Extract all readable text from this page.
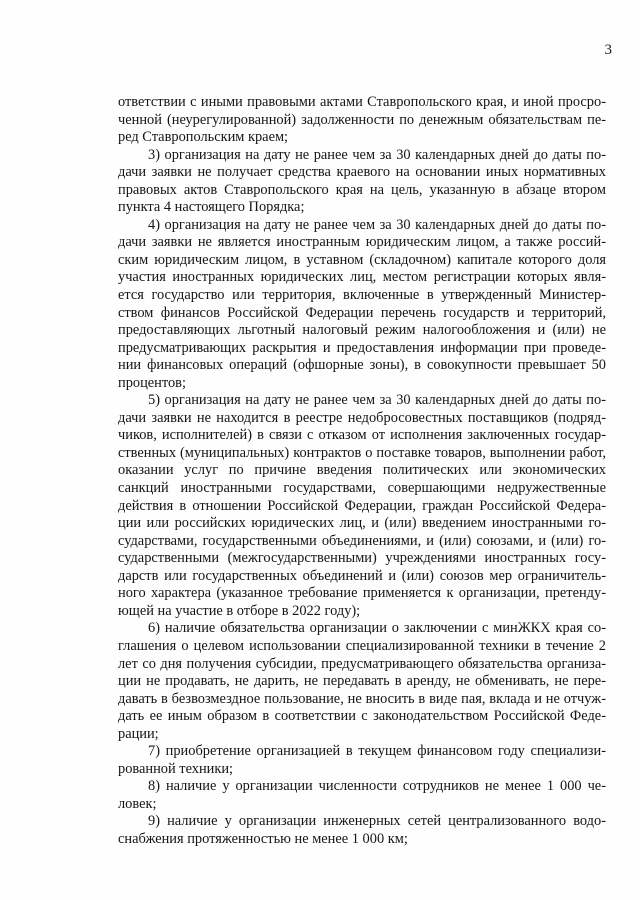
3

ответствии с иными правовыми актами Ставропольского края, и иной просроченной (неурегулированной) задолженности по денежным обязательствам перед Ставропольским краем;

3) организация на дату не ранее чем за 30 календарных дней до даты подачи заявки не получает средства краевого на основании иных нормативных правовых актов Ставропольского края на цель, указанную в абзаце втором пункта 4 настоящего Порядка;

4) организация на дату не ранее чем за 30 календарных дней до даты подачи заявки не является иностранным юридическим лицом, а также российским юридическим лицом, в уставном (складочном) капитале которого доля участия иностранных юридических лиц, местом регистрации которых является государство или территория, включенные в утвержденный Министерством финансов Российской Федерации перечень государств и территорий, предоставляющих льготный налоговый режим налогообложения и (или) не предусматривающих раскрытия и предоставления информации при проведении финансовых операций (офшорные зоны), в совокупности превышает 50 процентов;

5) организация на дату не ранее чем за 30 календарных дней до даты подачи заявки не находится в реестре недобросовестных поставщиков (подрядчиков, исполнителей) в связи с отказом от исполнения заключенных государственных (муниципальных) контрактов о поставке товаров, выполнении работ, оказании услуг по причине введения политических или экономических санкций иностранными государствами, совершающими недружественные действия в отношении Российской Федерации, граждан Российской Федерации или российских юридических лиц, и (или) введением иностранными государствами, государственными объединениями, и (или) союзами, и (или) государственными (межгосударственными) учреждениями иностранных государств или государственных объединений и (или) союзов мер ограничительного характера (указанное требование применяется к организации, претендующей на участие в отборе в 2022 году);

6) наличие обязательства организации о заключении с минЖКХ края соглашения о целевом использовании специализированной техники в течение 2 лет со дня получения субсидии, предусматривающего обязательства организации не продавать, не дарить, не передавать в аренду, не обменивать, не передавать в безвозмездное пользование, не вносить в виде пая, вклада и не отчуждать ее иным образом в соответствии с законодательством Российской Федерации;

7) приобретение организацией в текущем финансовом году специализированной техники;

8) наличие у организации численности сотрудников не менее 1 000 человек;

9) наличие у организации инженерных сетей централизованного водоснабжения протяженностью не менее 1 000 км;
